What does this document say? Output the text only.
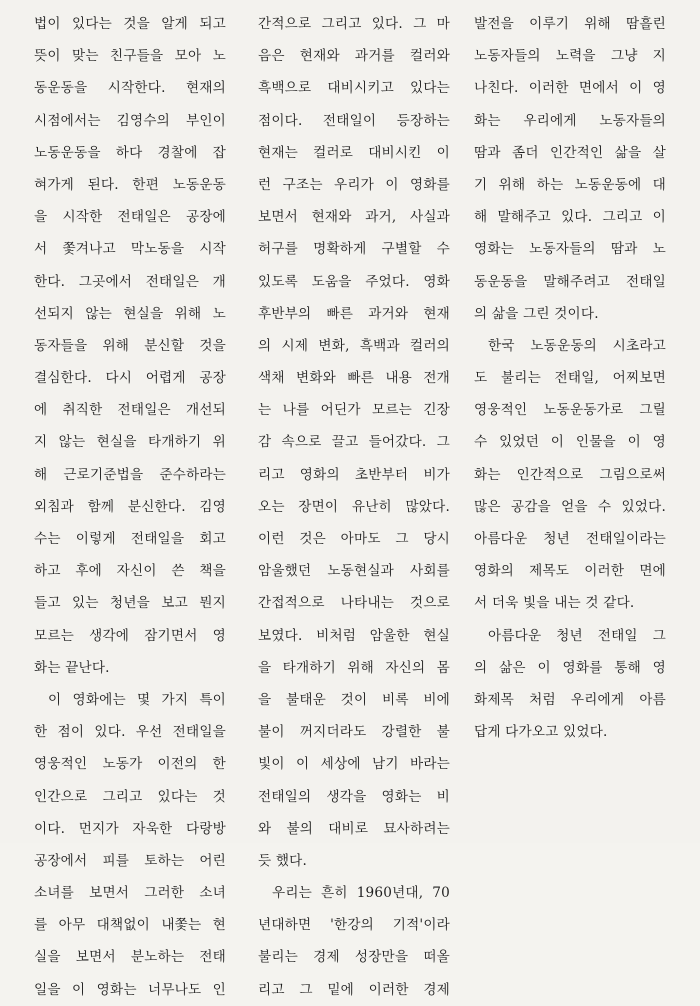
법이 있다는 것을 알게 되고
뜻이 맞는 친구들을 모아 노
동운동을 시작한다. 현재의
시점에서는 김영수의 부인이
노동운동을 하다 경찰에 잡
혀가게 된다. 한편 노동운동
을 시작한 전태일은 공장에
서 쫓겨나고 막노동을 시작
한다. 그곳에서 전태일은 개
선되지 않는 현실을 위해 노
동자들을 위해 분신할 것을
결심한다. 다시 어렵게 공장
에 취직한 전태일은 개선되
지 않는 현실을 타개하기 위
해 근로기준법을 준수하라는
외침과 함께 분신한다. 김영
수는 이렇게 전태일을 회고
하고 후에 자신이 쓴 책을
들고 있는 청년을 보고 뭔지
모르는 생각에 잠기면서 영
화는 끝난다.
이 영화에는 몇 가지 특이
한 점이 있다. 우선 전태일을
영웅적인 노동가 이전의 한
인간으로 그리고 있다는 것
이다. 먼지가 자욱한 다랑방
공장에서 피를 토하는 어린
소녀를 보면서 그러한 소녀
를 아무 대책없이 내쫓는 현
실을 보면서 분노하는 전태
일을 이 영화는 너무나도 인
간적으로 그리고 있다. 그 마
음은 현재와 과거를 컬러와
흑백으로 대비시키고 있다는
점이다. 전태일이 등장하는
현재는 컬러로 대비시킨 이
런 구조는 우리가 이 영화를
보면서 현재와 과거, 사실과
허구를 명확하게 구별할 수
있도록 도움을 주었다. 영화
후반부의 빠른 과거와 현재
의 시제 변화, 흑백과 컬러의
색채 변화와 빠른 내용 전개
는 나를 어딘가 모르는 긴장
감 속으로 끌고 들어갔다. 그
리고 영화의 초반부터 비가
오는 장면이 유난히 많았다.
이런 것은 아마도 그 당시
암울했던 노동현실과 사회를
간접적으로 나타내는 것으로
보였다. 비처럼 암울한 현실
을 타개하기 위해 자신의 몸
을 불태운 것이 비록 비에
불이 꺼지더라도 강렬한 불
빛이 이 세상에 남기 바라는
전태일의 생각을 영화는 비
와 불의 대비로 묘사하려는
듯 했다.
우리는 흔히 1960년대, 70
년대하면 '한강의 기적'이라
불리는 경제 성장만을 떠올
리고 그 밑에 이러한 경제
발전을 이루기 위해 땀흘린
노동자들의 노력을 그냥 지
나친다. 이러한 면에서 이 영
화는 우리에게 노동자들의
땀과 좀더 인간적인 삶을 살
기 위해 하는 노동운동에 대
해 말해주고 있다. 그리고 이
영화는 노동자들의 땀과 노
동운동을 말해주려고 전태일
의 삶을 그린 것이다.
한국 노동운동의 시초라고
도 불리는 전태일, 어찌보면
영웅적인 노동운동가로 그릴
수 있었던 이 인물을 이 영
화는 인간적으로 그림으로써
많은 공감을 얻을 수 있었다.
아름다운 청년 전태일이라는
영화의 제목도 이러한 면에
서 더욱 빛을 내는 것 같다.
아름다운 청년 전태일 그
의 삶은 이 영화를 통해 영
화제목 처럼 우리에게 아름
답게 다가오고 있었다.
